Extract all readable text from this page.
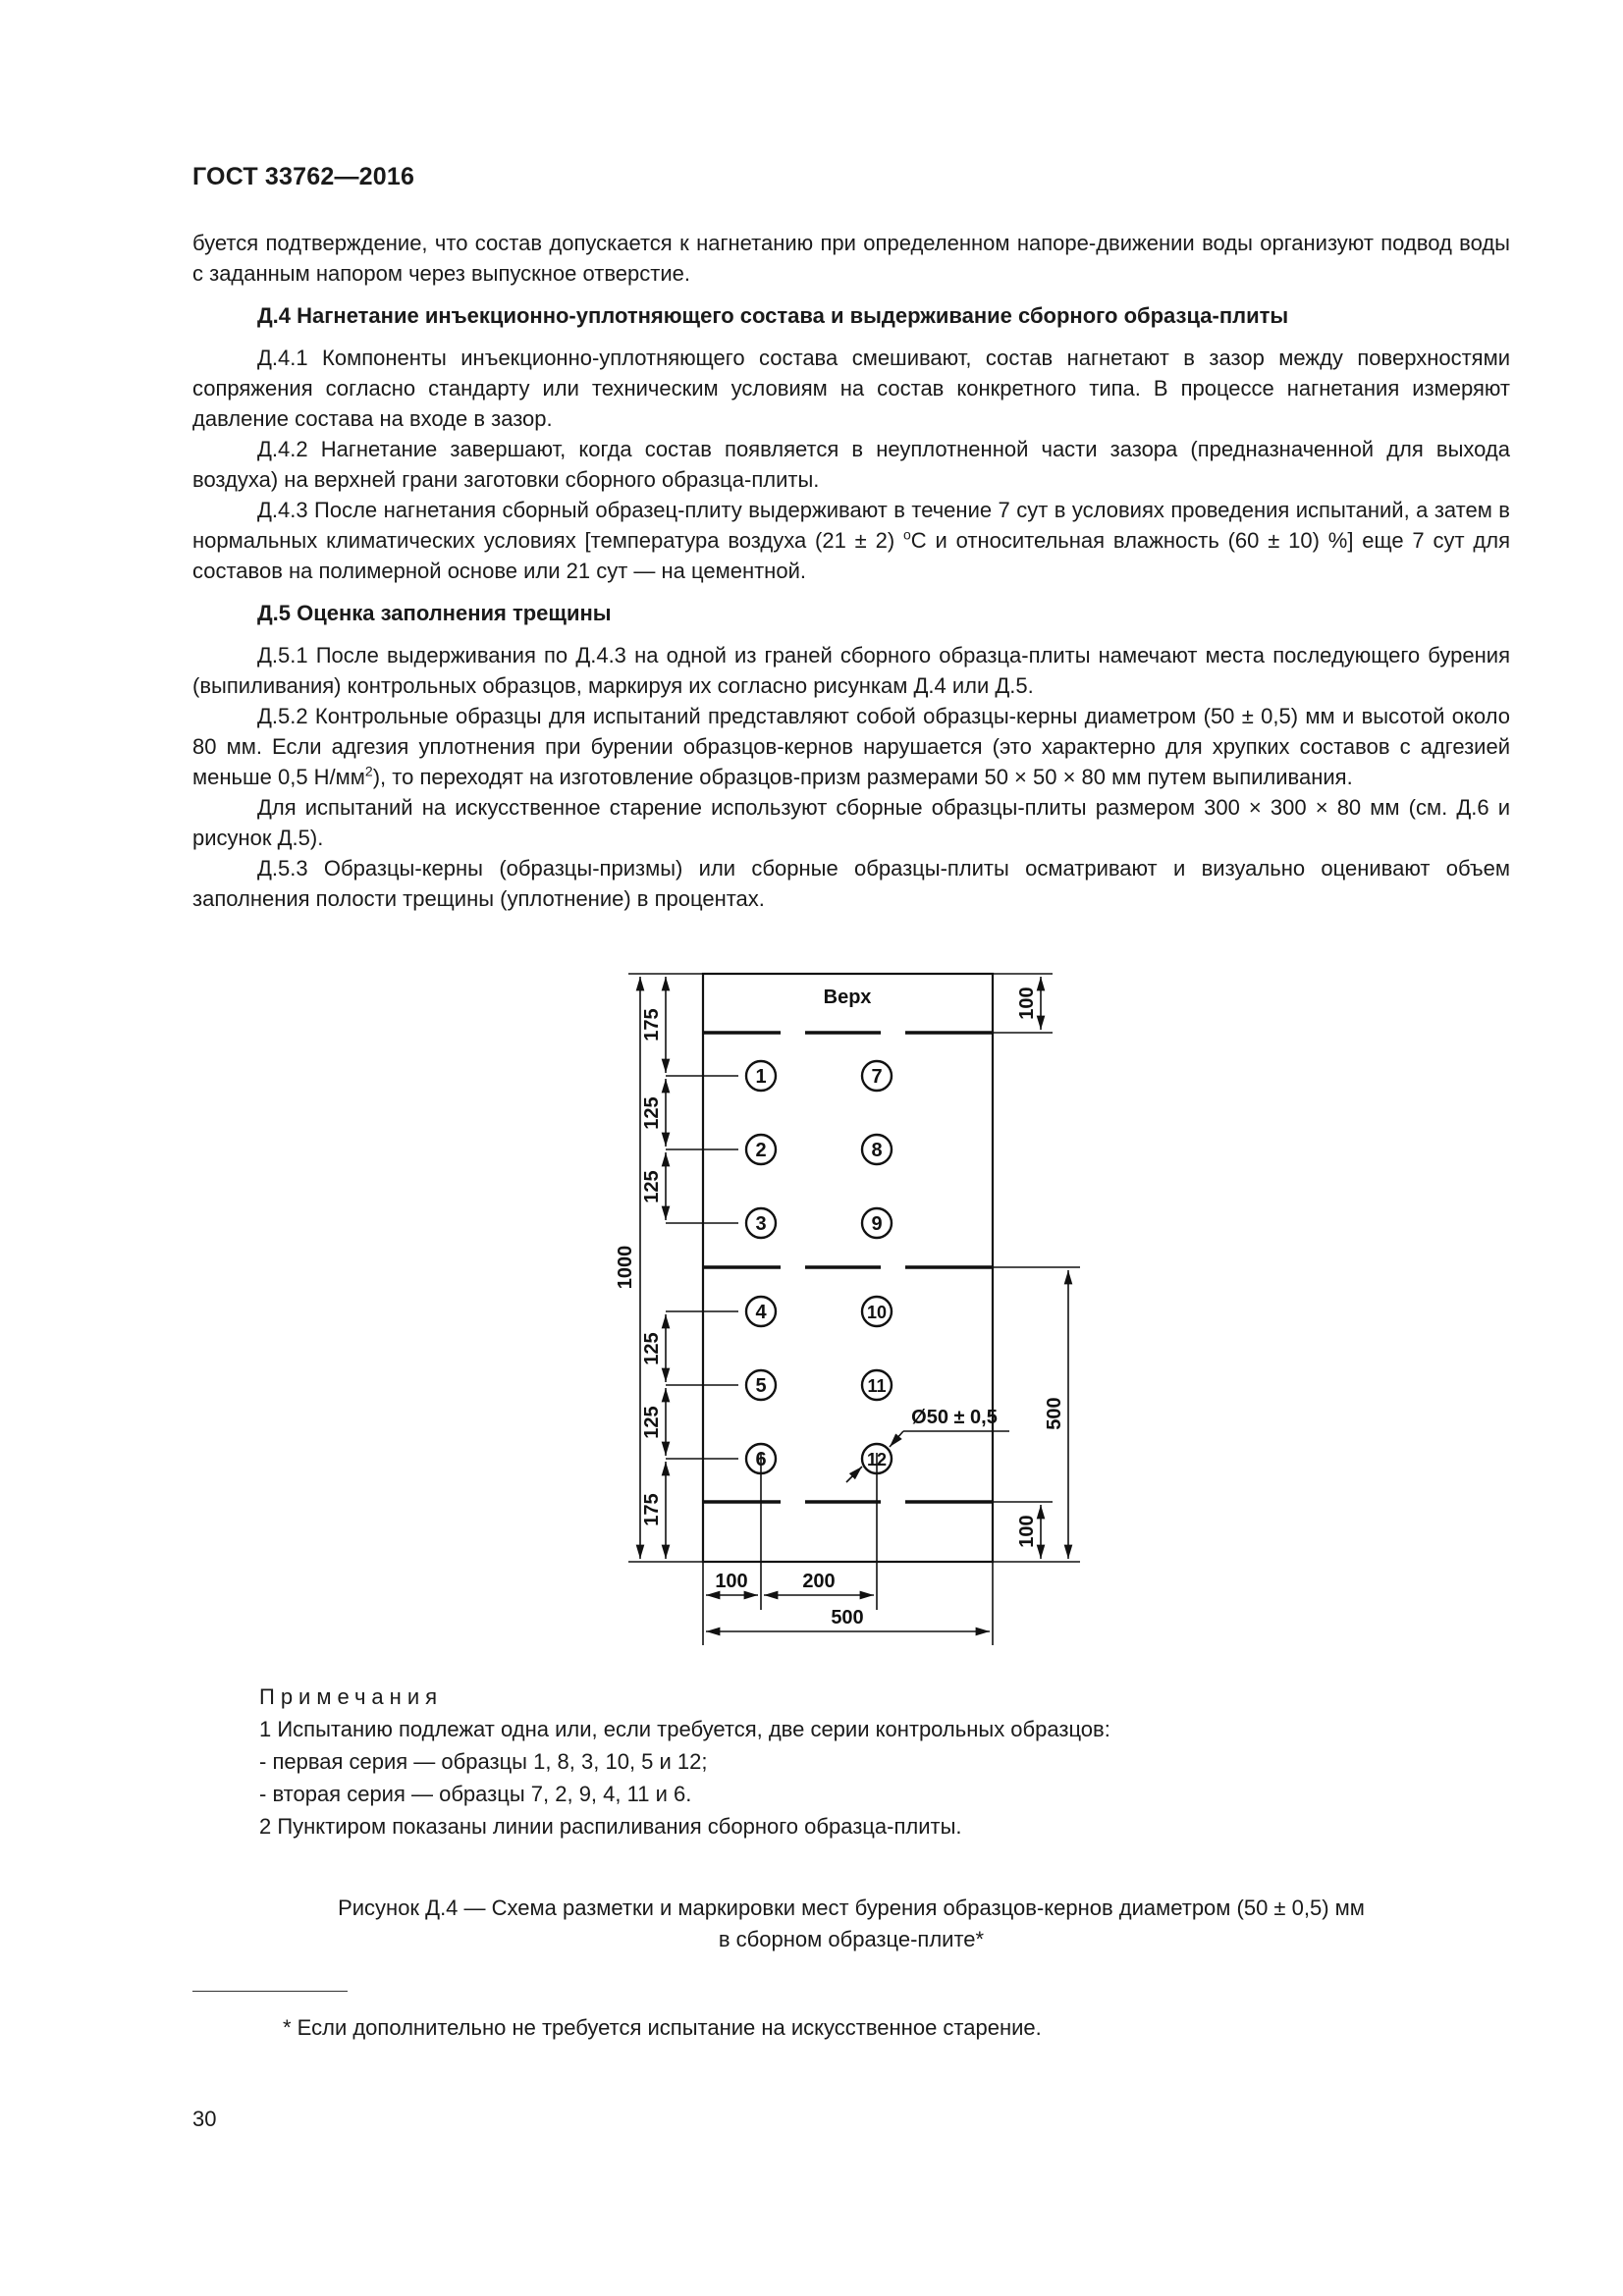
ГОСТ 33762—2016

буется подтверждение, что состав допускается к нагнетанию при определенном напоре-движении воды организуют подвод воды с заданным напором через выпускное отверстие.

Д.4 Нагнетание инъекционно-уплотняющего состава и выдерживание сборного образца-плиты

Д.4.1 Компоненты инъекционно-уплотняющего состава смешивают, состав нагнетают в зазор между поверхностями сопряжения согласно стандарту или техническим условиям на состав конкретного типа. В процессе нагнетания измеряют давление состава на входе в зазор.

Д.4.2 Нагнетание завершают, когда состав появляется в неуплотненной части зазора (предназначенной для выхода воздуха) на верхней грани заготовки сборного образца-плиты.

Д.4.3 После нагнетания сборный образец-плиту выдерживают в течение 7 сут в условиях проведения испытаний, а затем в нормальных климатических условиях [температура воздуха (21 ± 2) $^о$С и относительная влажность (60 ± 10) %] еще 7 сут для составов на полимерной основе или 21 сут — на цементной.

Д.5 Оценка заполнения трещины

Д.5.1 После выдерживания по Д.4.3 на одной из граней сборного образца-плиты намечают места последующего бурения (выпиливания) контрольных образцов, маркируя их согласно рисункам Д.4 или Д.5.

Д.5.2 Контрольные образцы для испытаний представляют собой образцы-керны диаметром (50 ± 0,5) мм и высотой около 80 мм. Если адгезия уплотнения при бурении образцов-кернов нарушается (это характерно для хрупких составов с адгезией меньше 0,5 $Н/мм^2$), то переходят на изготовление образцов-призм размерами 50 × 50 × 80 мм путем выпиливания.

Для испытаний на искусственное старение используют сборные образцы-плиты размером 300 × 300 × 80 мм (см. Д.6 и рисунок Д.5).

Д.5.3 Образцы-керны (образцы-призмы) или сборные образцы-плиты осматривают и визуально оценивают объем заполнения полости трещины (уплотнение) в процентах.

1
2
3
4
5
6
7
8
9
10
11
12
Верх
Ø50 ± 0,5
175
125
125
1000
125
125
175
100
500
100
100	200
500

Примечания

1 Испытанию подлежат одна или, если требуется, две серии контрольных образцов:

- первая серия — образцы 1, 8, 3, 10, 5 и 12;

- вторая серия — образцы 7, 2, 9, 4, 11 и 6.

2 Пунктиром показаны линии распиливания сборного образца-плиты.

Рисунок Д.4 — Схема разметки и маркировки мест бурения образцов-кернов диаметром (50 ± 0,5) мм

в сборном образце-плите*

* Если дополнительно не требуется испытание на искусственное старение.
30
